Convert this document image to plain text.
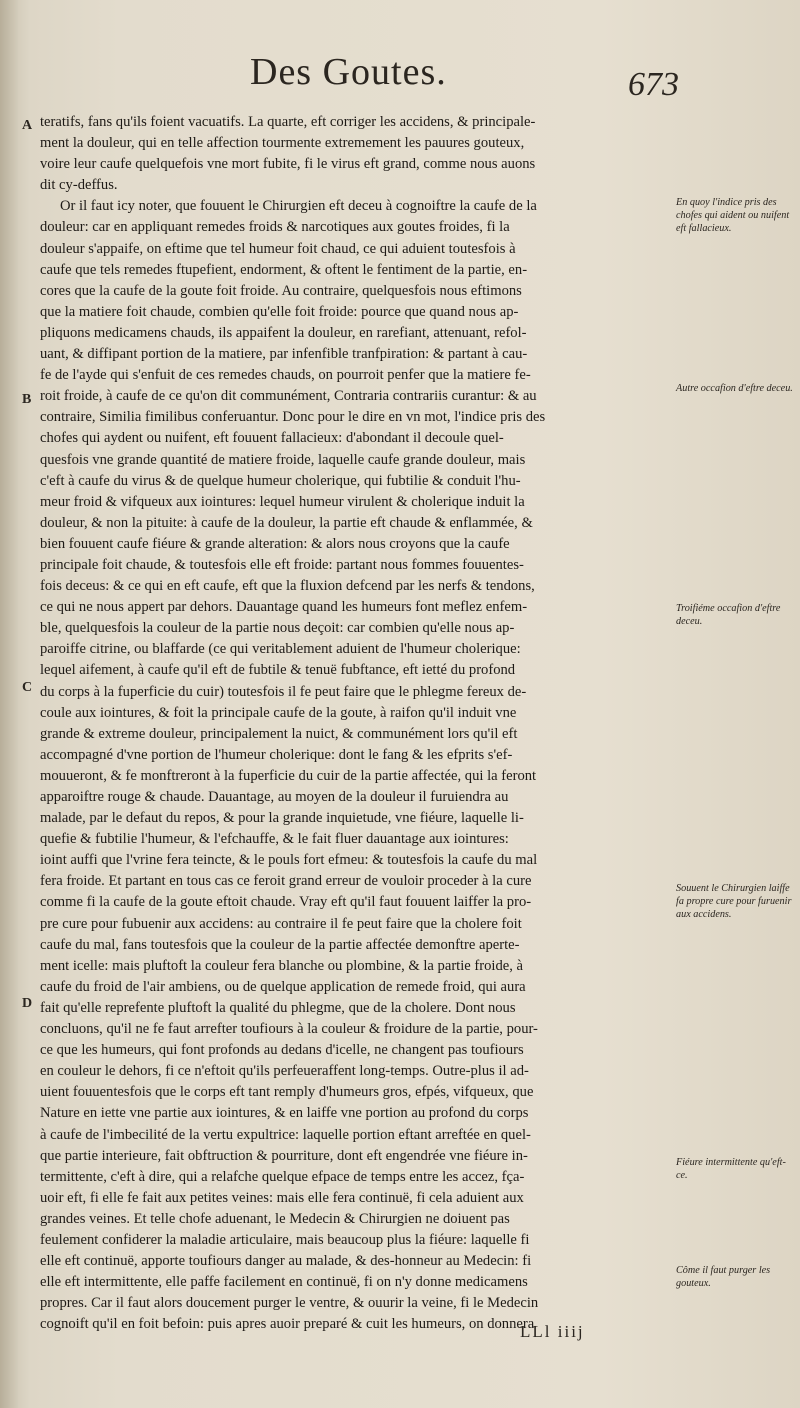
Des Goutes.	673
A
B
C
D
teratifs, fans qu'ils foient vacuatifs. La quarte, eft corriger les accidens, & principale-
ment la douleur, qui en telle affection tourmente extremement les pauures gouteux,
voire leur caufe quelquefois vne mort fubite, fi le virus eft grand, comme nous auons
dit cy-deffus.
Or il faut icy noter, que fouuent le Chirurgien eft deceu à cognoiftre la caufe de la
douleur: car en appliquant remedes froids & narcotiques aux goutes froides, fi la
douleur s'appaife, on eftime que tel humeur foit chaud, ce qui aduient toutesfois à
caufe que tels remedes ftupefient, endorment, & oftent le fentiment de la partie, en-
cores que la caufe de la goute foit froide. Au contraire, quelquesfois nous eftimons
que la matiere foit chaude, combien qu'elle foit froide: pource que quand nous ap-
pliquons medicamens chauds, ils appaifent la douleur, en rarefiant, attenuant, refol-
uant, & diffipant portion de la matiere, par infenfible tranfpiration: & partant à cau-
fe de l'ayde qui s'enfuit de ces remedes chauds, on pourroit penfer que la matiere fe-
roit froide, à caufe de ce qu'on dit communément, Contraria contrariis curantur: & au
contraire, Similia fimilibus conferuantur. Donc pour le dire en vn mot, l'indice pris des
chofes qui aydent ou nuifent, eft fouuent fallacieux: d'abondant il decoule quel-
quesfois vne grande quantité de matiere froide, laquelle caufe grande douleur, mais
c'eft à caufe du virus & de quelque humeur cholerique, qui fubtilie & conduit l'hu-
meur froid & vifqueux aux iointures: lequel humeur virulent & cholerique induit la
douleur, & non la pituite: à caufe de la douleur, la partie eft chaude & enflammée, &
bien fouuent caufe fiéure & grande alteration: & alors nous croyons que la caufe
principale foit chaude, & toutesfois elle eft froide: partant nous fommes fouuentes-
fois deceus: & ce qui en eft caufe, eft que la fluxion defcend par les nerfs & tendons,
ce qui ne nous appert par dehors. Dauantage quand les humeurs font meflez enfem-
ble, quelquesfois la couleur de la partie nous deçoit: car combien qu'elle nous ap-
paroiffe citrine, ou blaffarde (ce qui veritablement aduient de l'humeur cholerique:
lequel aifement, à caufe qu'il eft de fubtile & tenuë fubftance, eft ietté du profond
du corps à la fuperficie du cuir) toutesfois il fe peut faire que le phlegme fereux de-
coule aux iointures, & foit la principale caufe de la goute, à raifon qu'il induit vne
grande & extreme douleur, principalement la nuict, & communément lors qu'il eft
accompagné d'vne portion de l'humeur cholerique: dont le fang & les efprits s'ef-
mouueront, & fe monftreront à la fuperficie du cuir de la partie affectée, qui la feront
apparoiftre rouge & chaude. Dauantage, au moyen de la douleur il furuiendra au
malade, par le defaut du repos, & pour la grande inquietude, vne fiéure, laquelle li-
quefie & fubtilie l'humeur, & l'efchauffe, & le fait fluer dauantage aux iointures:
ioint auffi que l'vrine fera teincte, & le pouls fort efmeu: & toutesfois la caufe du mal
fera froide. Et partant en tous cas ce feroit grand erreur de vouloir proceder à la cure
comme fi la caufe de la goute eftoit chaude. Vray eft qu'il faut fouuent laiffer la pro-
pre cure pour fubuenir aux accidens: au contraire il fe peut faire que la cholere foit
caufe du mal, fans toutesfois que la couleur de la partie affectée demonftre aperte-
ment icelle: mais pluftoft la couleur fera blanche ou plombine, & la partie froide, à
caufe du froid de l'air ambiens, ou de quelque application de remede froid, qui aura
fait qu'elle reprefente pluftoft la qualité du phlegme, que de la cholere. Dont nous
concluons, qu'il ne fe faut arrefter toufiours à la couleur & froidure de la partie, pour-
ce que les humeurs, qui font profonds au dedans d'icelle, ne changent pas toufiours
en couleur le dehors, fi ce n'eftoit qu'ils perfeueraffent long-temps. Outre-plus il ad-
uient fouuentesfois que le corps eft tant remply d'humeurs gros, efpés, vifqueux, que
Nature en iette vne partie aux iointures, & en laiffe vne portion au profond du corps
à caufe de l'imbecilité de la vertu expultrice: laquelle portion eftant arreftée en quel-
que partie interieure, fait obftruction & pourriture, dont eft engendrée vne fiéure in-
termittente, c'eft à dire, qui a relafche quelque efpace de temps entre les accez, fça-
uoir eft, fi elle fe fait aux petites veines: mais elle fera continuë, fi cela aduient aux
grandes veines. Et telle chofe aduenant, le Medecin & Chirurgien ne doiuent pas
feulement confiderer la maladie articulaire, mais beaucoup plus la fiéure: laquelle fi
elle eft continuë, apporte toufiours danger au malade, & des-honneur au Medecin: fi
elle eft intermittente, elle paffe facilement en continuë, fi on n'y donne medicamens
propres. Car il faut alors doucement purger le ventre, & ouurir la veine, fi le Medecin
cognoift qu'il en foit befoin: puis apres auoir preparé & cuit les humeurs, on donnera
En quoy l'indice pris des chofes qui aident ou nuifent eft fallacieux.
Autre occafion d'eftre deceu.
Troifiéme occafion d'eftre deceu.
Souuent le Chirurgien laiffe fa propre cure pour furuenir aux accidens.
Fiéure intermittente qu'eft-ce.
Côme il faut purger les gouteux.
LLl iiij
